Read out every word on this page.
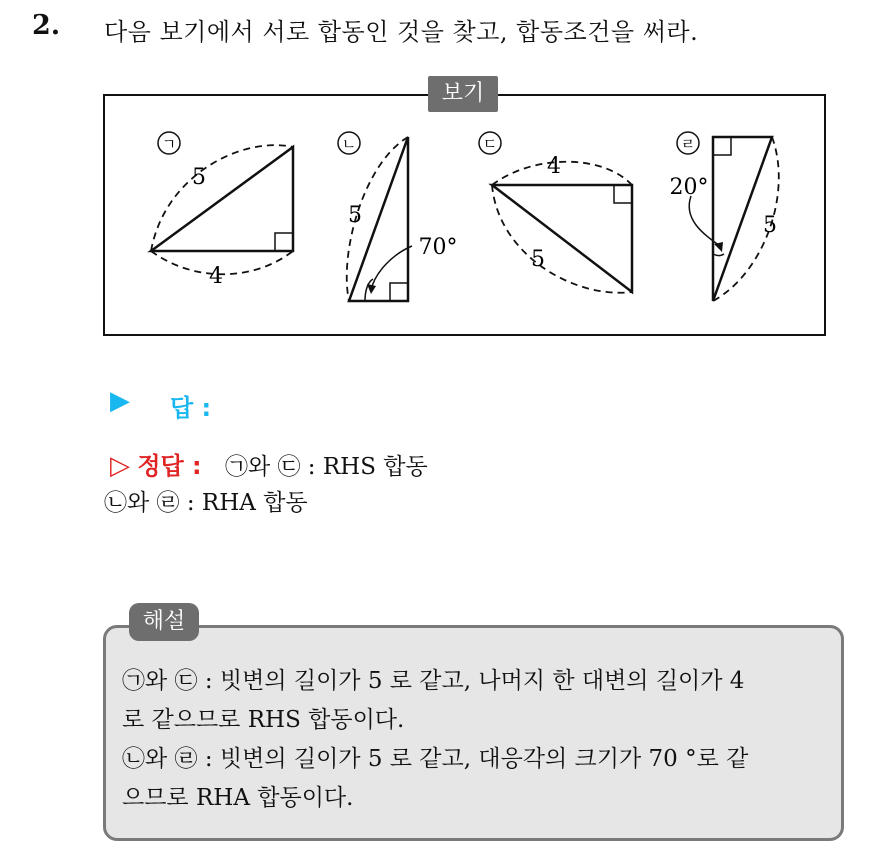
2. 다음 보기에서 서로 합동인 것을 찾고, 합동조건을 써라.
ㄱ
5
4
ㄴ
5
70°
ㄷ
4
5
ㄹ
20°
5
보기
▶ 답 :
▷ 정답 : ㉠와 ㉢ : RHS 합동
㉡와 ㉣ : RHA 합동
해설
㉠와 ㉢ : 빗변의 길이가 5 로 같고, 나머지 한 대변의 길이가 4
로 같으므로 RHS 합동이다.
㉡와 ㉣ : 빗변의 길이가 5 로 같고, 대응각의 크기가 70 °로 같
으므로 RHA 합동이다.
